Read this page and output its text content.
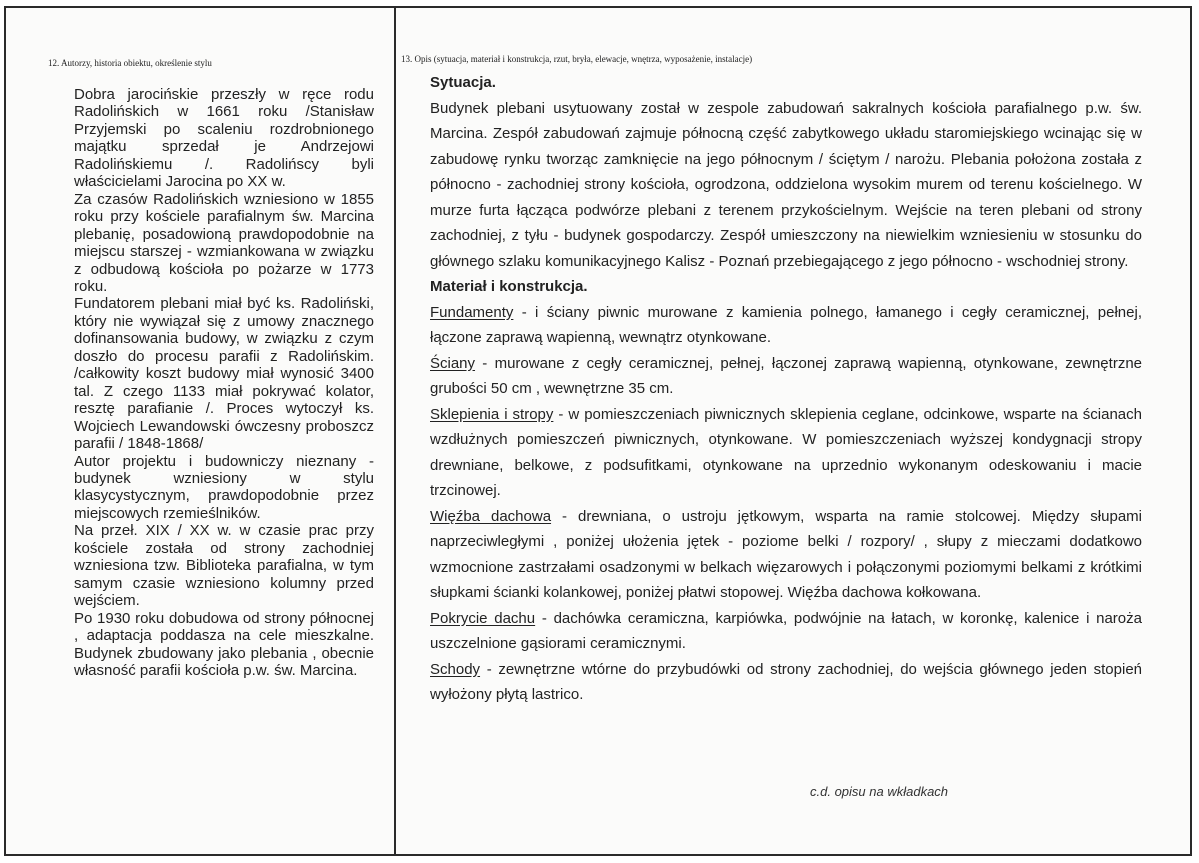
12. Autorzy, historia obiektu, określenie stylu	13. Opis (sytuacja, materiał i konstrukcja, rzut, bryła, elewacje, wnętrza, wyposażenie, instalacje)

Dobra jarocińskie przeszły w ręce rodu Radolińskich w 1661 roku /Stanisław Przyjemski po scaleniu rozdrobnionego majątku sprzedał je Andrzejowi Radolińskiemu /. Radolińscy byli właścicielami Jarocina po XX w.

Za czasów Radolińskich wzniesiono w 1855 roku przy kościele parafialnym św. Marcina plebanię, posadowioną prawdopodobnie na miejscu starszej - wzmiankowana w związku z odbudową kościoła po pożarze w 1773 roku.

Fundatorem plebani miał być ks. Radoliński, który nie wywiązał się z umowy znacznego dofinansowania budowy, w związku z czym doszło do procesu parafii z Radolińskim. /całkowity koszt budowy miał wynosić 3400 tal. Z czego 1133 miał pokrywać kolator, resztę parafianie /. Proces wytoczył ks. Wojciech Lewandowski ówczesny proboszcz parafii / 1848-1868/

Autor projektu i budowniczy nieznany - budynek wzniesiony w stylu klasycystycznym, prawdopodobnie przez miejscowych rzemieślników.

Na przeł. XIX / XX w. w czasie prac przy kościele została od strony zachodniej wzniesiona tzw. Biblioteka parafialna, w tym samym czasie wzniesiono kolumny przed wejściem.

Po 1930 roku dobudowa od strony północnej , adaptacja poddasza na cele mieszkalne. Budynek zbudowany jako plebania , obecnie własność parafii kościoła p.w. św. Marcina.

Sytuacja.

Budynek plebani usytuowany został w zespole zabudowań sakralnych kościoła parafialnego p.w. św. Marcina. Zespół zabudowań zajmuje północną część zabytkowego układu staromiejskiego wcinając się w zabudowę rynku tworząc zamknięcie na jego północnym / ściętym / narożu. Plebania położona została z północno - zachodniej strony kościoła, ogrodzona, oddzielona wysokim murem od terenu kościelnego. W murze furta łącząca podwórze plebani z terenem przykościelnym. Wejście na teren plebani od strony zachodniej, z tyłu - budynek gospodarczy. Zespół umieszczony na niewielkim wzniesieniu w stosunku do głównego szlaku komunikacyjnego Kalisz - Poznań przebiegającego z jego północno - wschodniej strony.

Materiał i konstrukcja.

Fundamenty - i ściany piwnic murowane z kamienia polnego, łamanego i cegły ceramicznej, pełnej, łączone zaprawą wapienną, wewnątrz otynkowane.

Ściany - murowane z cegły ceramicznej, pełnej, łączonej zaprawą wapienną, otynkowane, zewnętrzne grubości 50 cm , wewnętrzne 35 cm.

Sklepienia i stropy - w pomieszczeniach piwnicznych sklepienia ceglane, odcinkowe, wsparte na ścianach wzdłużnych pomieszczeń piwnicznych, otynkowane. W pomieszczeniach wyższej kondygnacji stropy drewniane, belkowe, z podsufitkami, otynkowane na uprzednio wykonanym odeskowaniu i macie trzcinowej.

Więźba dachowa - drewniana, o ustroju jętkowym, wsparta na ramie stolcowej. Między słupami naprzeciwległymi , poniżej ułożenia jętek - poziome belki / rozpory/ , słupy z mieczami dodatkowo wzmocnione zastrzałami osadzonymi w belkach więzarowych i połączonymi poziomymi belkami z krótkimi słupkami ścianki kolankowej, poniżej płatwi stopowej. Więźba dachowa kołkowana.

Pokrycie dachu - dachówka ceramiczna, karpiówka, podwójnie na łatach, w koronkę, kalenice i naroża uszczelnione gąsiorami ceramicznymi.

Schody - zewnętrzne wtórne do przybudówki od strony zachodniej, do wejścia głównego jeden stopień wyłożony płytą lastrico.

c.d. opisu na wkładkach
